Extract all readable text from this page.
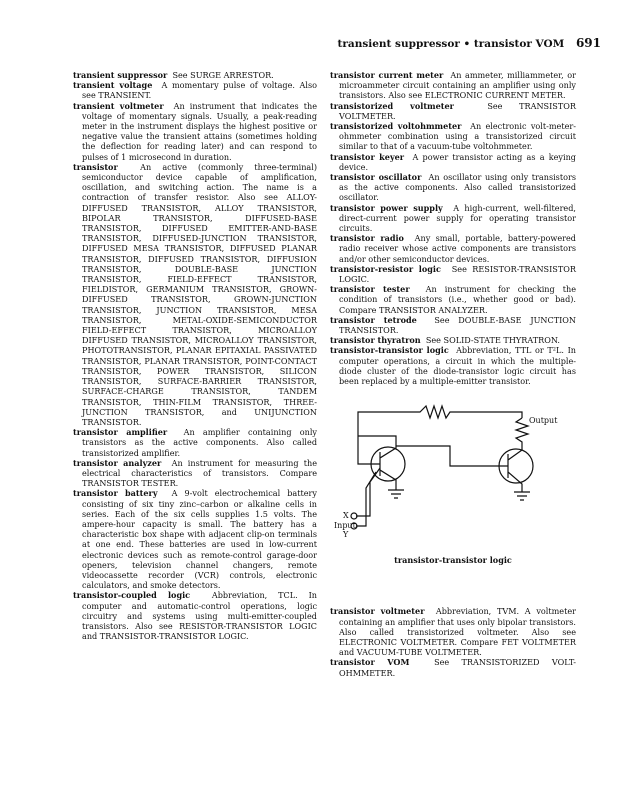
transient suppressor • transistor VOM 691

transient suppressor See SURGE ARRESTOR.

transient voltage A momentary pulse of voltage. Also see TRANSIENT.

transient voltmeter An instrument that indicates the voltage of momentary signals. Usually, a peak-reading meter in the instrument displays the highest positive or negative value the transient attains (sometimes holding the deflection for reading later) and can respond to pulses of 1 microsecond in duration.

transistor	An active (commonly three-terminal) semiconductor device capable of amplification, oscillation, and switching action. The name is a contraction of transfer resistor. Also see ALLOY-DIFFUSED TRANSISTOR, ALLOY TRANSISTOR, BIPOLAR TRANSISTOR, DIFFUSED-BASE TRANSISTOR, DIFFUSED EMITTER-AND-BASE TRANSISTOR, DIFFUSED-JUNCTION TRANSISTOR, DIFFUSED MESA TRANSISTOR, DIFFUSED PLANAR TRANSISTOR, DIFFUSED TRANSISTOR, DIFFUSION TRANSISTOR, DOUBLE-BASE JUNCTION TRANSISTOR, FIELD-EFFECT TRANSISTOR, FIELDISTOR, GERMANIUM TRANSISTOR, GROWN-DIFFUSED TRANSISTOR, GROWN-JUNCTION TRANSISTOR, JUNCTION TRANSISTOR, MESA TRANSISTOR, METAL-OXIDE-SEMICONDUCTOR FIELD-EFFECT TRANSISTOR, MICROALLOY DIFFUSED TRANSISTOR, MICROALLOY TRANSISTOR, PHOTOTRANSISTOR, PLANAR EPITAXIAL PASSIVATED TRANSISTOR, PLANAR TRANSISTOR, POINT-CONTACT TRANSISTOR, POWER TRANSISTOR, SILICON TRANSISTOR, SURFACE-BARRIER TRANSISTOR, SURFACE-CHARGE TRANSISTOR, TANDEM TRANSISTOR, THIN-FILM TRANSISTOR, THREE-JUNCTION TRANSISTOR, and UNIJUNCTION TRANSISTOR.

transistor amplifier An amplifier containing only transistors as the active components. Also called transistorized amplifier.

transistor analyzer An instrument for measuring the electrical characteristics of transistors. Compare TRANSISTOR TESTER.

transistor battery A 9-volt electrochemical battery consisting of six tiny zinc–carbon or alkaline cells in series. Each of the six cells supplies 1.5 volts. The ampere-hour capacity is small. The battery has a characteristic box shape with adjacent clip-on terminals at one end. These batteries are used in low-current electronic devices such as remote-control garage-door openers, television channel changers, remote videocassette recorder (VCR) controls, electronic calculators, and smoke detectors.

transistor-coupled logic	Abbreviation, TCL. In computer and automatic-control operations, logic circuitry and systems using multi-emitter-coupled transistors. Also see RESISTOR-TRANSISTOR LOGIC and TRANSISTOR-TRANSISTOR LOGIC.

transistor current meter An ammeter, milliammeter, or microammeter circuit containing an amplifier using only transistors. Also see ELECTRONIC CURRENT METER.

transistorized voltmeter	See TRANSISTOR VOLTMETER.

transistorized voltohmmeter An electronic volt-meter-ohmmeter combination using a transistorized circuit similar to that of a vacuum-tube voltohmmeter.

transistor keyer A power transistor acting as a keying device.

transistor oscillator An oscillator using only transistors as the active components. Also called transistorized oscillator.

transistor power supply A high-current, well-filtered, direct-current power supply for operating transistor circuits.

transistor radio Any small, portable, battery-powered radio receiver whose active components are transistors and/or other semiconductor devices.

transistor-resistor logic See RESISTOR-TRANSISTOR LOGIC.

transistor tester An instrument for checking the condition of transistors (i.e., whether good or bad). Compare TRANSISTOR ANALYZER.

transistor tetrode See DOUBLE-BASE JUNCTION TRANSISTOR.

transistor thyratron See SOLID-STATE THYRATRON.

transistor-transistor logic Abbreviation, TTL or T²L. In computer operations, a circuit in which the multiple-diode cluster of the diode-transistor logic circuit has been replaced by a multiple-emitter transistor.

Output
X
Input
Y
transistor-transistor logic

transistor voltmeter Abbreviation, TVM. A voltmeter containing an amplifier that uses only bipolar transistors. Also called transistorized voltmeter. Also see ELECTRONIC VOLTMETER. Compare FET VOLTMETER and VACUUM-TUBE VOLTMETER.

transistor VOM	See TRANSISTORIZED VOLT-OHMMETER.
